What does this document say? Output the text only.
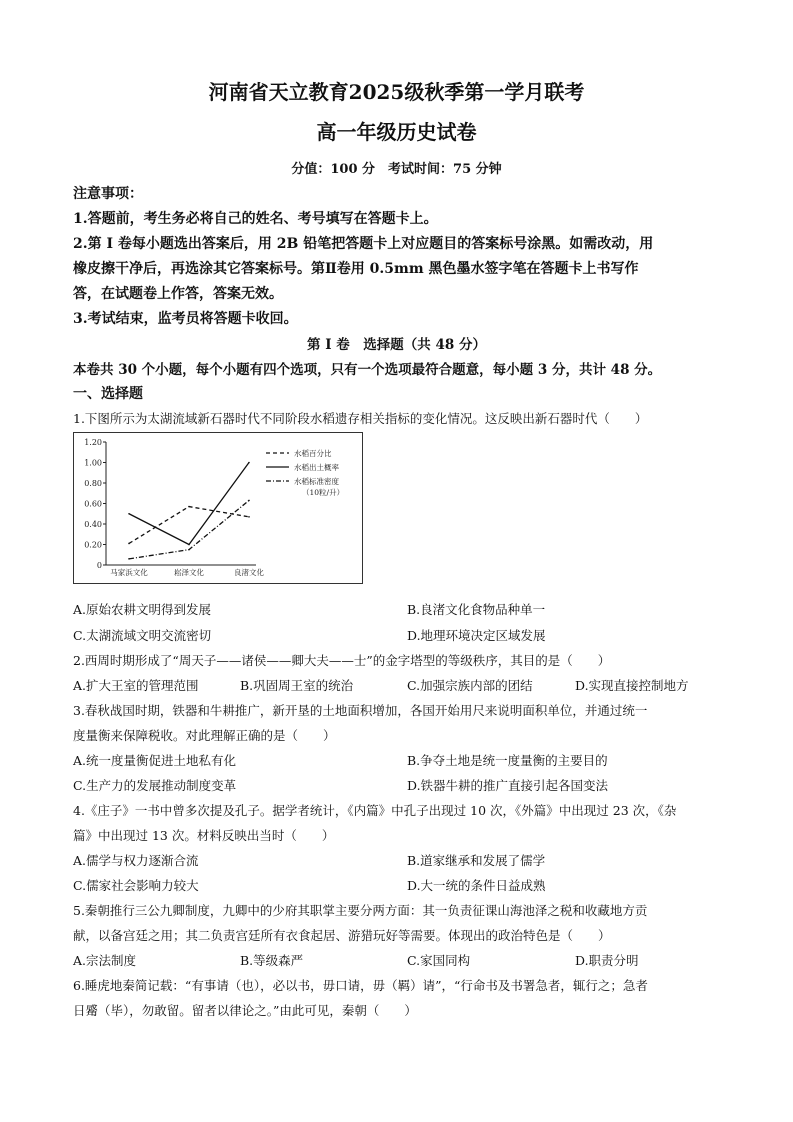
河南省天立教育2025级秋季第一学月联考
高一年级历史试卷
分值：100 分　考试时间：75 分钟
注意事项：
1.答题前，考生务必将自己的姓名、考号填写在答题卡上。
2.第 I 卷每小题选出答案后，用 2B 铅笔把答题卡上对应题目的答案标号涂黑。如需改动，用
橡皮擦干净后，再选涂其它答案标号。第Ⅱ卷用 0.5mm 黑色墨水签字笔在答题卡上书写作
答，在试题卷上作答，答案无效。
3.考试结束，监考员将答题卡收回。
第 I 卷　选择题（共 48 分）
本卷共 30 个小题，每个小题有四个选项，只有一个选项最符合题意，每小题 3 分，共计 48 分。
一、选择题
1.下图所示为太湖流域新石器时代不同阶段水稻遗存相关指标的变化情况。这反映出新石器时代（　　）
1.20
1.00
0.80
0.60
0.40
0.20
0
马家浜文化	崧泽文化	良渚文化
水稻百分比
水稻出土概率
水稻标准密度
（10粒/升）
A.原始农耕文明得到发展	B.良渚文化食物品种单一
C.太湖流域文明交流密切	D.地理环境决定区域发展
2.西周时期形成了“周天子——诸侯——卿大夫——士”的金字塔型的等级秩序，其目的是（　　）
A.扩大王室的管理范围	B.巩固周王室的统治	C.加强宗族内部的团结	D.实现直接控制地方
3.春秋战国时期，铁器和牛耕推广，新开垦的土地面积增加，各国开始用尺来说明面积单位，并通过统一
度量衡来保障税收。对此理解正确的是（　　）
A.统一度量衡促进土地私有化	B.争夺土地是统一度量衡的主要目的
C.生产力的发展推动制度变革	D.铁器牛耕的推广直接引起各国变法
4.《庄子》一书中曾多次提及孔子。据学者统计，《内篇》中孔子出现过 10 次，《外篇》中出现过 23 次，《杂
篇》中出现过 13 次。材料反映出当时（　　）
A.儒学与权力逐渐合流	B.道家继承和发展了儒学
C.儒家社会影响力较大	D.大一统的条件日益成熟
5.秦朝推行三公九卿制度，九卿中的少府其职掌主要分两方面：其一负责征课山海池泽之税和收藏地方贡
献，以备宫廷之用；其二负责宫廷所有衣食起居、游猎玩好等需要。体现出的政治特色是（　　）
A.宗法制度	B.等级森严	C.家国同构	D.职责分明
6.睡虎地秦简记载：“有事请（也），必以书，毋口请，毋（羁）请”，“行命书及书署急者，辄行之；急者
日觱（毕），勿敢留。留者以律论之。”由此可见，秦朝（　　）
